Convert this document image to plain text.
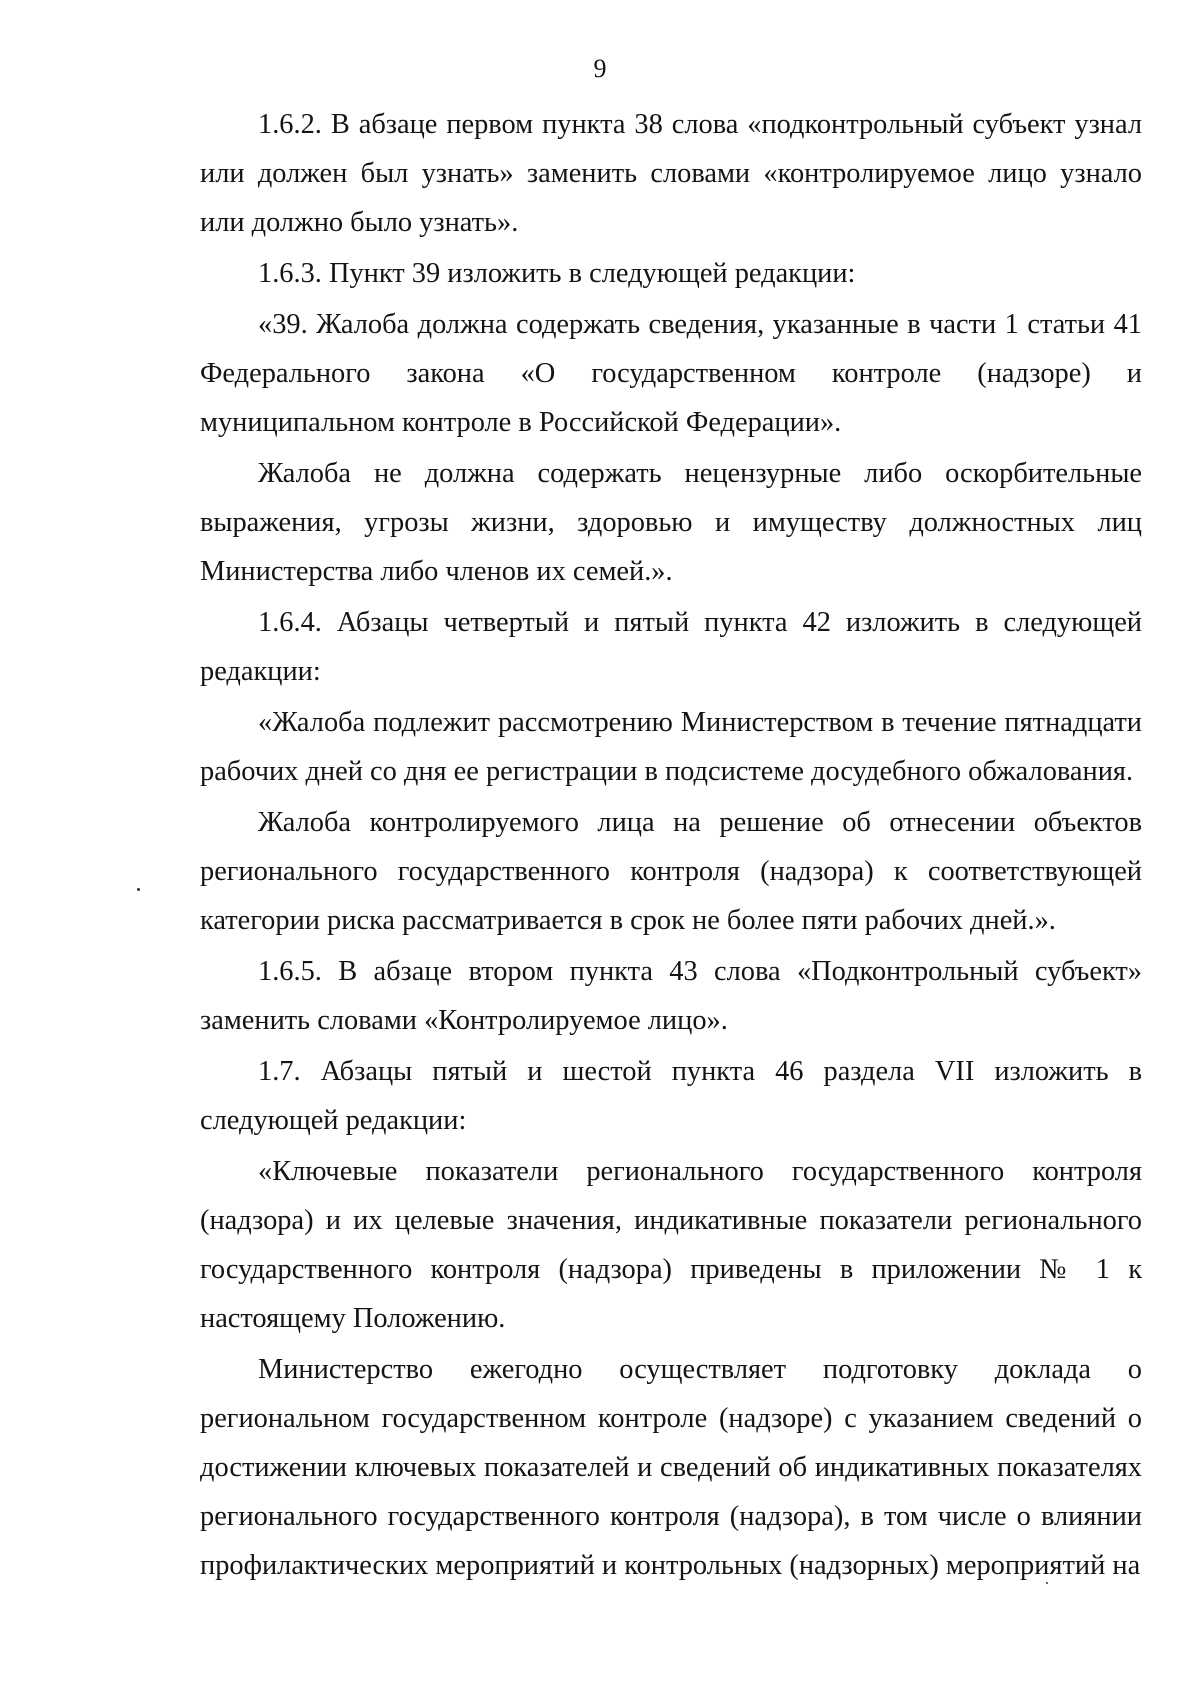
9

1.6.2. В абзаце первом пункта 38 слова «подконтрольный субъект узнал или должен был узнать» заменить словами «контролируемое лицо узнало или должно было узнать».

1.6.3. Пункт 39 изложить в следующей редакции:

«39. Жалоба должна содержать сведения, указанные в части 1 статьи 41 Федерального закона «О государственном контроле (надзоре) и муниципальном контроле в Российской Федерации».

Жалоба не должна содержать нецензурные либо оскорбительные выражения, угрозы жизни, здоровью и имуществу должностных лиц Министерства либо членов их семей.».

1.6.4. Абзацы четвертый и пятый пункта 42 изложить в следующей редакции:

«Жалоба подлежит рассмотрению Министерством в течение пятнадцати рабочих дней со дня ее регистрации в подсистеме досудебного обжалования.

Жалоба контролируемого лица на решение об отнесении объектов регионального государственного контроля (надзора) к соответствующей категории риска рассматривается в срок не более пяти рабочих дней.».

1.6.5. В абзаце втором пункта 43 слова «Подконтрольный субъект» заменить словами «Контролируемое лицо».

1.7. Абзацы пятый и шестой пункта 46 раздела VII изложить в следующей редакции:

«Ключевые показатели регионального государственного контроля (надзора) и их целевые значения, индикативные показатели регионального государственного контроля (надзора) приведены в приложении № 1 к настоящему Положению.

Министерство ежегодно осуществляет подготовку доклада о региональном государственном контроле (надзоре) с указанием сведений о достижении ключевых показателей и сведений об индикативных показателях регионального государственного контроля (надзора), в том числе о влиянии профилактических мероприятий и контрольных (надзорных) мероприятий на
